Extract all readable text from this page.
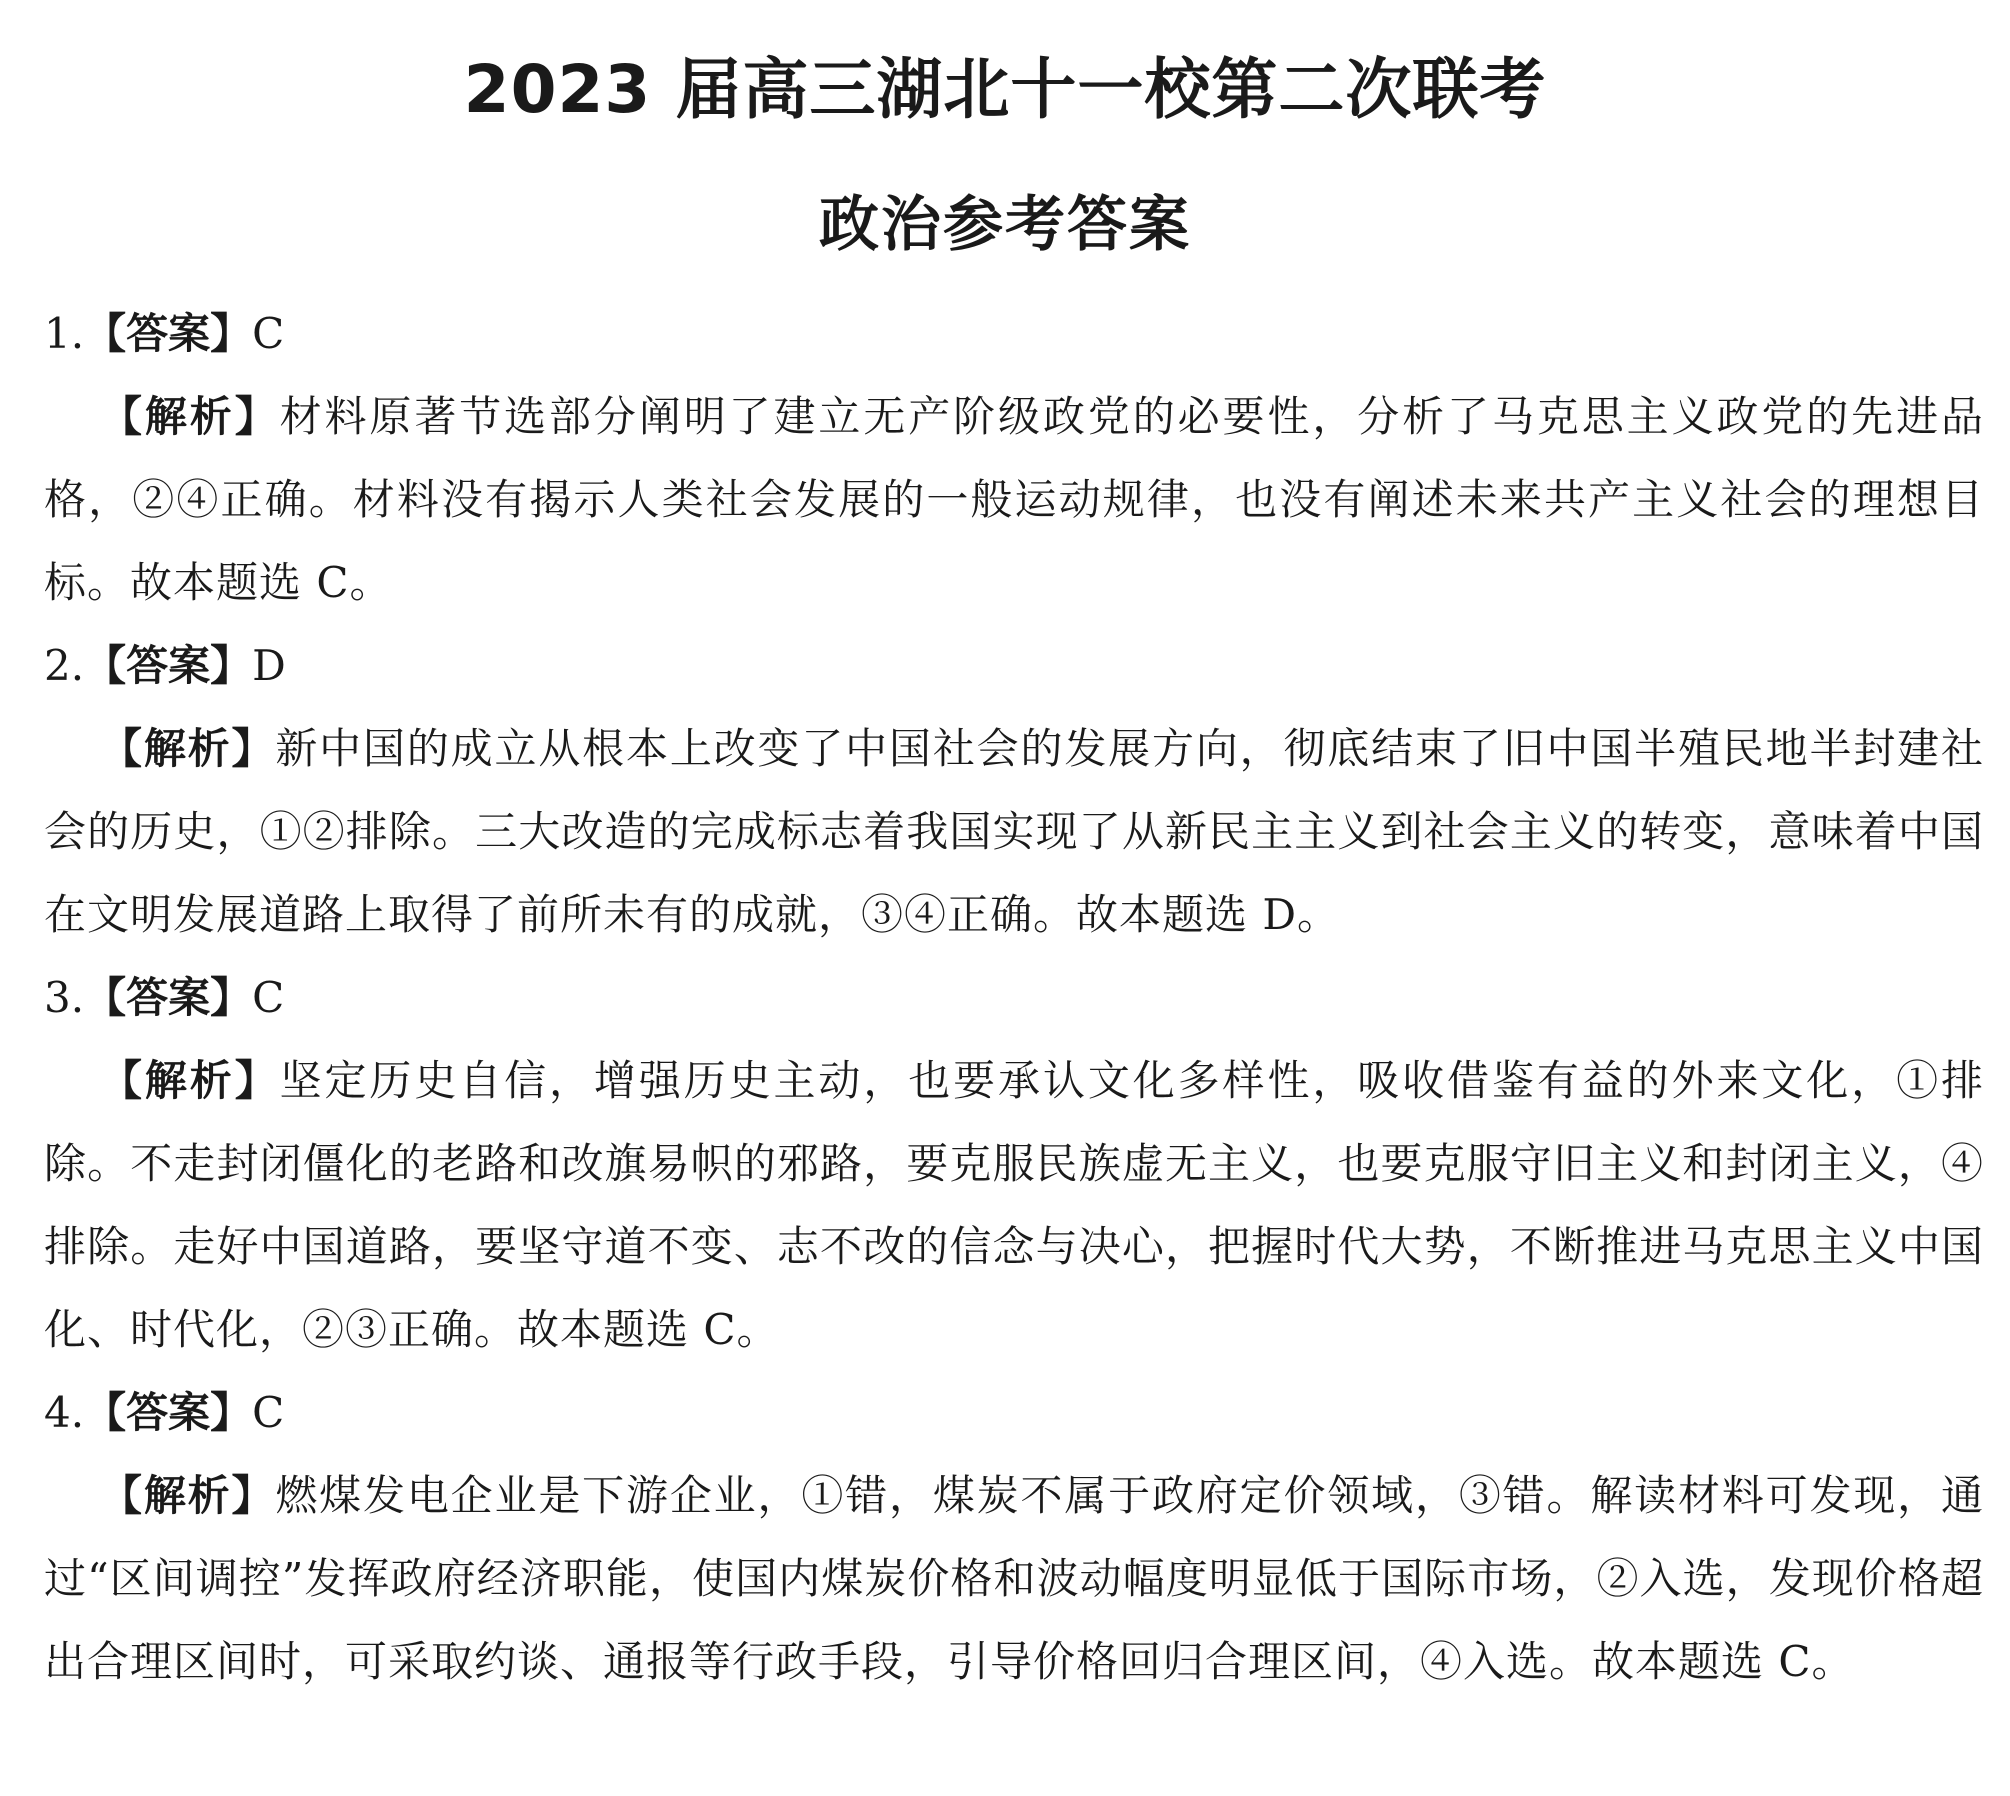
2023 届高三湖北十一校第二次联考
政治参考答案

1.【答案】C

【解析】材料原著节选部分阐明了建立无产阶级政党的必要性，分析了马克思主义政党的先进品格，②④正确。材料没有揭示人类社会发展的一般运动规律，也没有阐述未来共产主义社会的理想目标。故本题选 C。

2.【答案】D

【解析】新中国的成立从根本上改变了中国社会的发展方向，彻底结束了旧中国半殖民地半封建社会的历史，①②排除。三大改造的完成标志着我国实现了从新民主主义到社会主义的转变，意味着中国在文明发展道路上取得了前所未有的成就，③④正确。故本题选 D。

3.【答案】C

【解析】坚定历史自信，增强历史主动，也要承认文化多样性，吸收借鉴有益的外来文化，①排除。不走封闭僵化的老路和改旗易帜的邪路，要克服民族虚无主义，也要克服守旧主义和封闭主义，④排除。走好中国道路，要坚守道不变、志不改的信念与决心，把握时代大势，不断推进马克思主义中国化、时代化，②③正确。故本题选 C。

4.【答案】C

【解析】燃煤发电企业是下游企业，①错，煤炭不属于政府定价领域，③错。解读材料可发现，通过“区间调控”发挥政府经济职能，使国内煤炭价格和波动幅度明显低于国际市场，②入选，发现价格超出合理区间时，可采取约谈、通报等行政手段，引导价格回归合理区间，④入选。故本题选 C。
